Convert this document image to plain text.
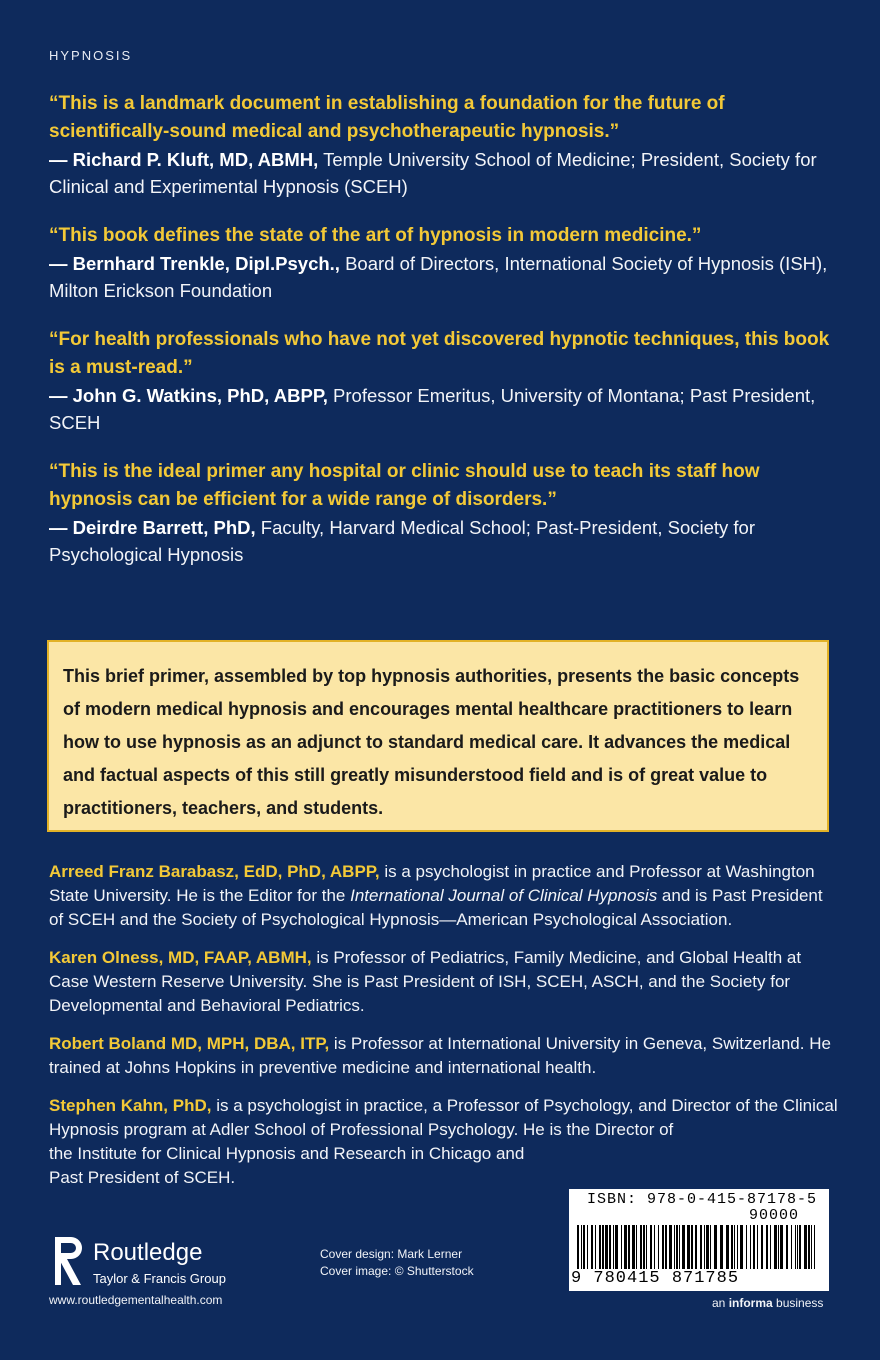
HYPNOSIS
“This is a landmark document in establishing a foundation for the future of scientifically-sound medical and psychotherapeutic hypnosis.”
— Richard P. Kluft, MD, ABMH, Temple University School of Medicine; President, Society for Clinical and Experimental Hypnosis (SCEH)
“This book defines the state of the art of hypnosis in modern medicine.”
— Bernhard Trenkle, Dipl.Psych., Board of Directors, International Society of Hypnosis (ISH), Milton Erickson Foundation
“For health professionals who have not yet discovered hypnotic techniques, this book is a must-read.”
— John G. Watkins, PhD, ABPP, Professor Emeritus, University of Montana; Past President, SCEH
“This is the ideal primer any hospital or clinic should use to teach its staff how hypnosis can be efficient for a wide range of disorders.”
— Deirdre Barrett, PhD, Faculty, Harvard Medical School; Past-President, Society for Psychological Hypnosis
This brief primer, assembled by top hypnosis authorities, presents the basic concepts of modern medical hypnosis and encourages mental healthcare practitioners to learn how to use hypnosis as an adjunct to standard medical care. It advances the medical and factual aspects of this still greatly misunderstood field and is of great value to practitioners, teachers, and students.
Arreed Franz Barabasz, EdD, PhD, ABPP, is a psychologist in practice and Professor at Washington State University. He is the Editor for the International Journal of Clinical Hypnosis and is Past President of SCEH and the Society of Psychological Hypnosis—American Psychological Association.
Karen Olness, MD, FAAP, ABMH, is Professor of Pediatrics, Family Medicine, and Global Health at Case Western Reserve University. She is Past President of ISH, SCEH, ASCH, and the Society for Developmental and Behavioral Pediatrics.
Robert Boland MD, MPH, DBA, ITP, is Professor at International University in Geneva, Switzerland. He trained at Johns Hopkins in preventive medicine and international health.
Stephen Kahn, PhD, is a psychologist in practice, a Professor of Psychology, and Director of the Clinical Hypnosis program at Adler School of Professional Psychology. He is the Director of
the Institute for Clinical Hypnosis and Research in Chicago and
Past President of SCEH.
ISBN: 978-0-415-87178-5
90000
9 780415 871785
an informa business
Routledge
Taylor & Francis Group
www.routledgementalhealth.com
Cover design: Mark Lerner
Cover image: © Shutterstock
